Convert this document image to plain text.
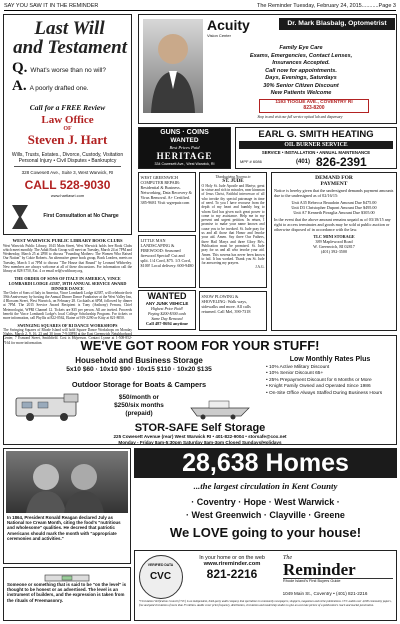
SAY YOU SAW IT IN THE REMINDER	The Reminder Tuesday, February 24, 2015...........Page 3
Last Will
and Testament
Q. What's worse than no will?
A. A poorly drafted one.
Call for a FREE Review
Law Office
OF
Steven J. Hart
Wills, Trusts, Estates., Divorce, Custody, Visitation
Personal Injury • Civil Disputes • Bankruptcy
328 Cowesett Ave., Suite 3, West Warwick, RI
CALL 528-9030
www.hartlawri.com
First Consultation at No Charge
Acuity
Vision Center
Dr. Mark Blasbalg, Optometrist
Family Eye Care
Exams, Emergencies, Contact Lenses,
Insurances Accepted.
Call now for appointments.
Days, Evenings, Saturdays
30% Senior Citizen Discount
New Patients Welcome
1193 TIOGUE AVE., COVENTRY RI
823-8200
Stop in and visit our full service optical lab and dispensary
GUNS · COINS
WANTED
Best Prices Paid
HERITAGE
334 Cowesett Ave., West Warwick, RI
EARL G. SMITH HEATING
OIL BURNER SERVICE
SERVICE • INSTALLATION • ANNUAL MAINTENANCE
MPF # 6086	(401) 826-2391
WEST GREENWICH COMPUTER REPAIR: Residential & Business. Networking, Data Recovery & Virus Removal. A+ Certified. 385-9681 Visit wgrepair.com
LITTLE MAN LANDSCAPING & FIREWOOD: Seasoned firewood Special! Cut and split. 1/4 Cord, $75. 1/3 Cord, $100! Local delivery. 600-9480
WANTED
ANY JUNK VEHICLE
Highest Price Paid!
Paying $200-$300 cash
Same Day Removal
Call 487-8694 anytime
Thanksgiving Novena to
ST. JUDE
O Holy St. Jude Apostle and Martyr, great in virtue and rich in miracles, near kinsman of Jesus Christ, Faithful intercessor of all who invoke thy special patronage in time of need. To you I have recourse from the depth of my heart and humbly beg to whom God has given such great power to come to my assistance. Help me in my present and urgent petition. In return, I promise to make your name known and cause you to be invoked. St. Jude pray for us and all those that Honor and Invoke your aid. Amen. Say three Our Fathers, three Hail Marys and three Glory Be's. Publication must be promised. St. Jude pray for us and all who invoke your aid. Amen. This novena has never been known to fail. It has worked. Thank you St. Jude for answering my prayers.
J.A.G.
SNOW PLOWING & SHOVELING: Walk ways, sidewalks and more. All calls returned. Call Mel, 390-7318
DEMAND FOR
PAYMENT
Notice is hereby given that the undersigned demands payment amounts due to the undersigned as of 02/16/15:
Unit A35 Rebecca Beaudoin Amount Due $475.00
Unit D3 Christopher Dupont Amount Due $495.00
Unit A7 Kenneth Pirraglia Amount Due $305.00
In the event that the above amount remains unpaid as of 03/18/15 any right to access terminates and goods may be sold at public auction or otherwise disposed of in accordance with the law.
TLC MINI STORAGE
389 Maplewood Road
W. Greenwich, RI 02817
(401) 392-3500
WEST WARWICK PUBLIC LIBRARY BOOK CLUBS
West Warwick Public Library, 1043 Main Street, West Warwick holds free Book Clubs which meet monthly. The Adult Book Group will meet on Tuesday, March 24 at 7PM and Wednesday, March 25 at 2PM to discuss "Founding Mothers: The Women Who Raised Our Nation" by Cokie Roberts. An alternative genre book group, Book Leaders, meets on Tuesday, March 3 at 7PM to discuss "The House that Bound" by Leonard Wibberley. New members are always welcome at all of these discussions. For information call the library at 828-3750, Ext. 4 or email ref@wwlibrary.org.
THE ORDER OF SONS OF ITALY IN AMERICA, VINCE LOMBARDI LODGE #2387, 39TH ANNUAL SERVICE AWARD DINNER DANCE
The Order of Sons of Italy in America, Vince Lombardi Lodge #2387, will celebrate their 39th Anniversary by hosting the Annual Dinner Dance Fundraiser at the West Valley Inn, 4 Blossom Street, West Warwick, on February 28. Cocktails at 6PM, followed by dinner at 7PM. The 2015 Service Award Recipient is Tony (Anthony) Ferrara, Chief Meteorologist, WPRI Channel 12. Tickets are $35 per person. All are invited. Proceeds benefit the Vince Lombardi Lodge's local College Scholarship Program. For tickets or more information, call Phyllis at 822-0562, Elaine at 919-2290 or Kitty at 821-8050.
SWINGING SQUARES OF RI DANCE WORKSHOPS
The Swinging Squares of Rhode Island will hold Square Dance Workshops on Monday Nights, March 2, 9, 16, 23 and 30 from 7-9:30PM at the East Greenwich Neighborhood Center, 7 Esmond Street, Smithfield. Cost is $6/person. Contact Lynne at 1-508-852-7164 for more information.	WE'VE GOT ROOM FOR YOUR STUFF!
Household and Business Storage
5x10 $60 · 10x10 $90 · 10x15 $110 · 10x20 $135
Outdoor Storage for Boats & Campers
$50/month or
$250/six months
(prepaid)
Low Monthly Rates Plus
• 10% Active Military Discount
• 10% Senior Discount 65+
• 25% Prepayment Discount for 6 Months or More
• Knight Family Owned and Operated Since 1986
• On-Site Office Always Staffed During Business Hours
STOR-SAFE Self Storage
225 Cowesett Avenue (rear) West Warwick RI • 401-822-9004 • storsafe@cox.net
Monday - Friday 8am-5:30pm Saturday 8am-3pm Closed Sundays/Holidays
28,638 Homes
...the largest circulation in Kent County
· Coventry · Hope · West Warwick ·
· West Greenwich · Clayville · Greene
We LOVE going to your house!
In 1864, President Ronald Reagan declared July as National Ice Cream Month, citing the food's "nutritious and wholesome" qualities. He decreed that patriotic Americans should mark the month with "appropriate ceremonies and activities."
Someone or something that is said to be "on the level" is thought to be honest or as advertised. The level is an instrument of builders, and the expression is taken from the rituals of Freemasonry.
VERIFIED DATA
CVC
In your home or on the web
www.rireminder.com
821-2216
The
Reminder
Rhode Island's First Buyers Guide
1049 Main St., Coventry • (401) 821-2216
*Circulation Verification Council (CVC) is an independent, third-party audit company that specializes in community newspapers, shoppers, magazines and niche publications. CVC audits over 4,000 community papers, free and paid circulation of more than 35 million. Audits cover print frequency, distribution, circulation and readership studies to give an accurate picture of a publication's reach and market penetration.
